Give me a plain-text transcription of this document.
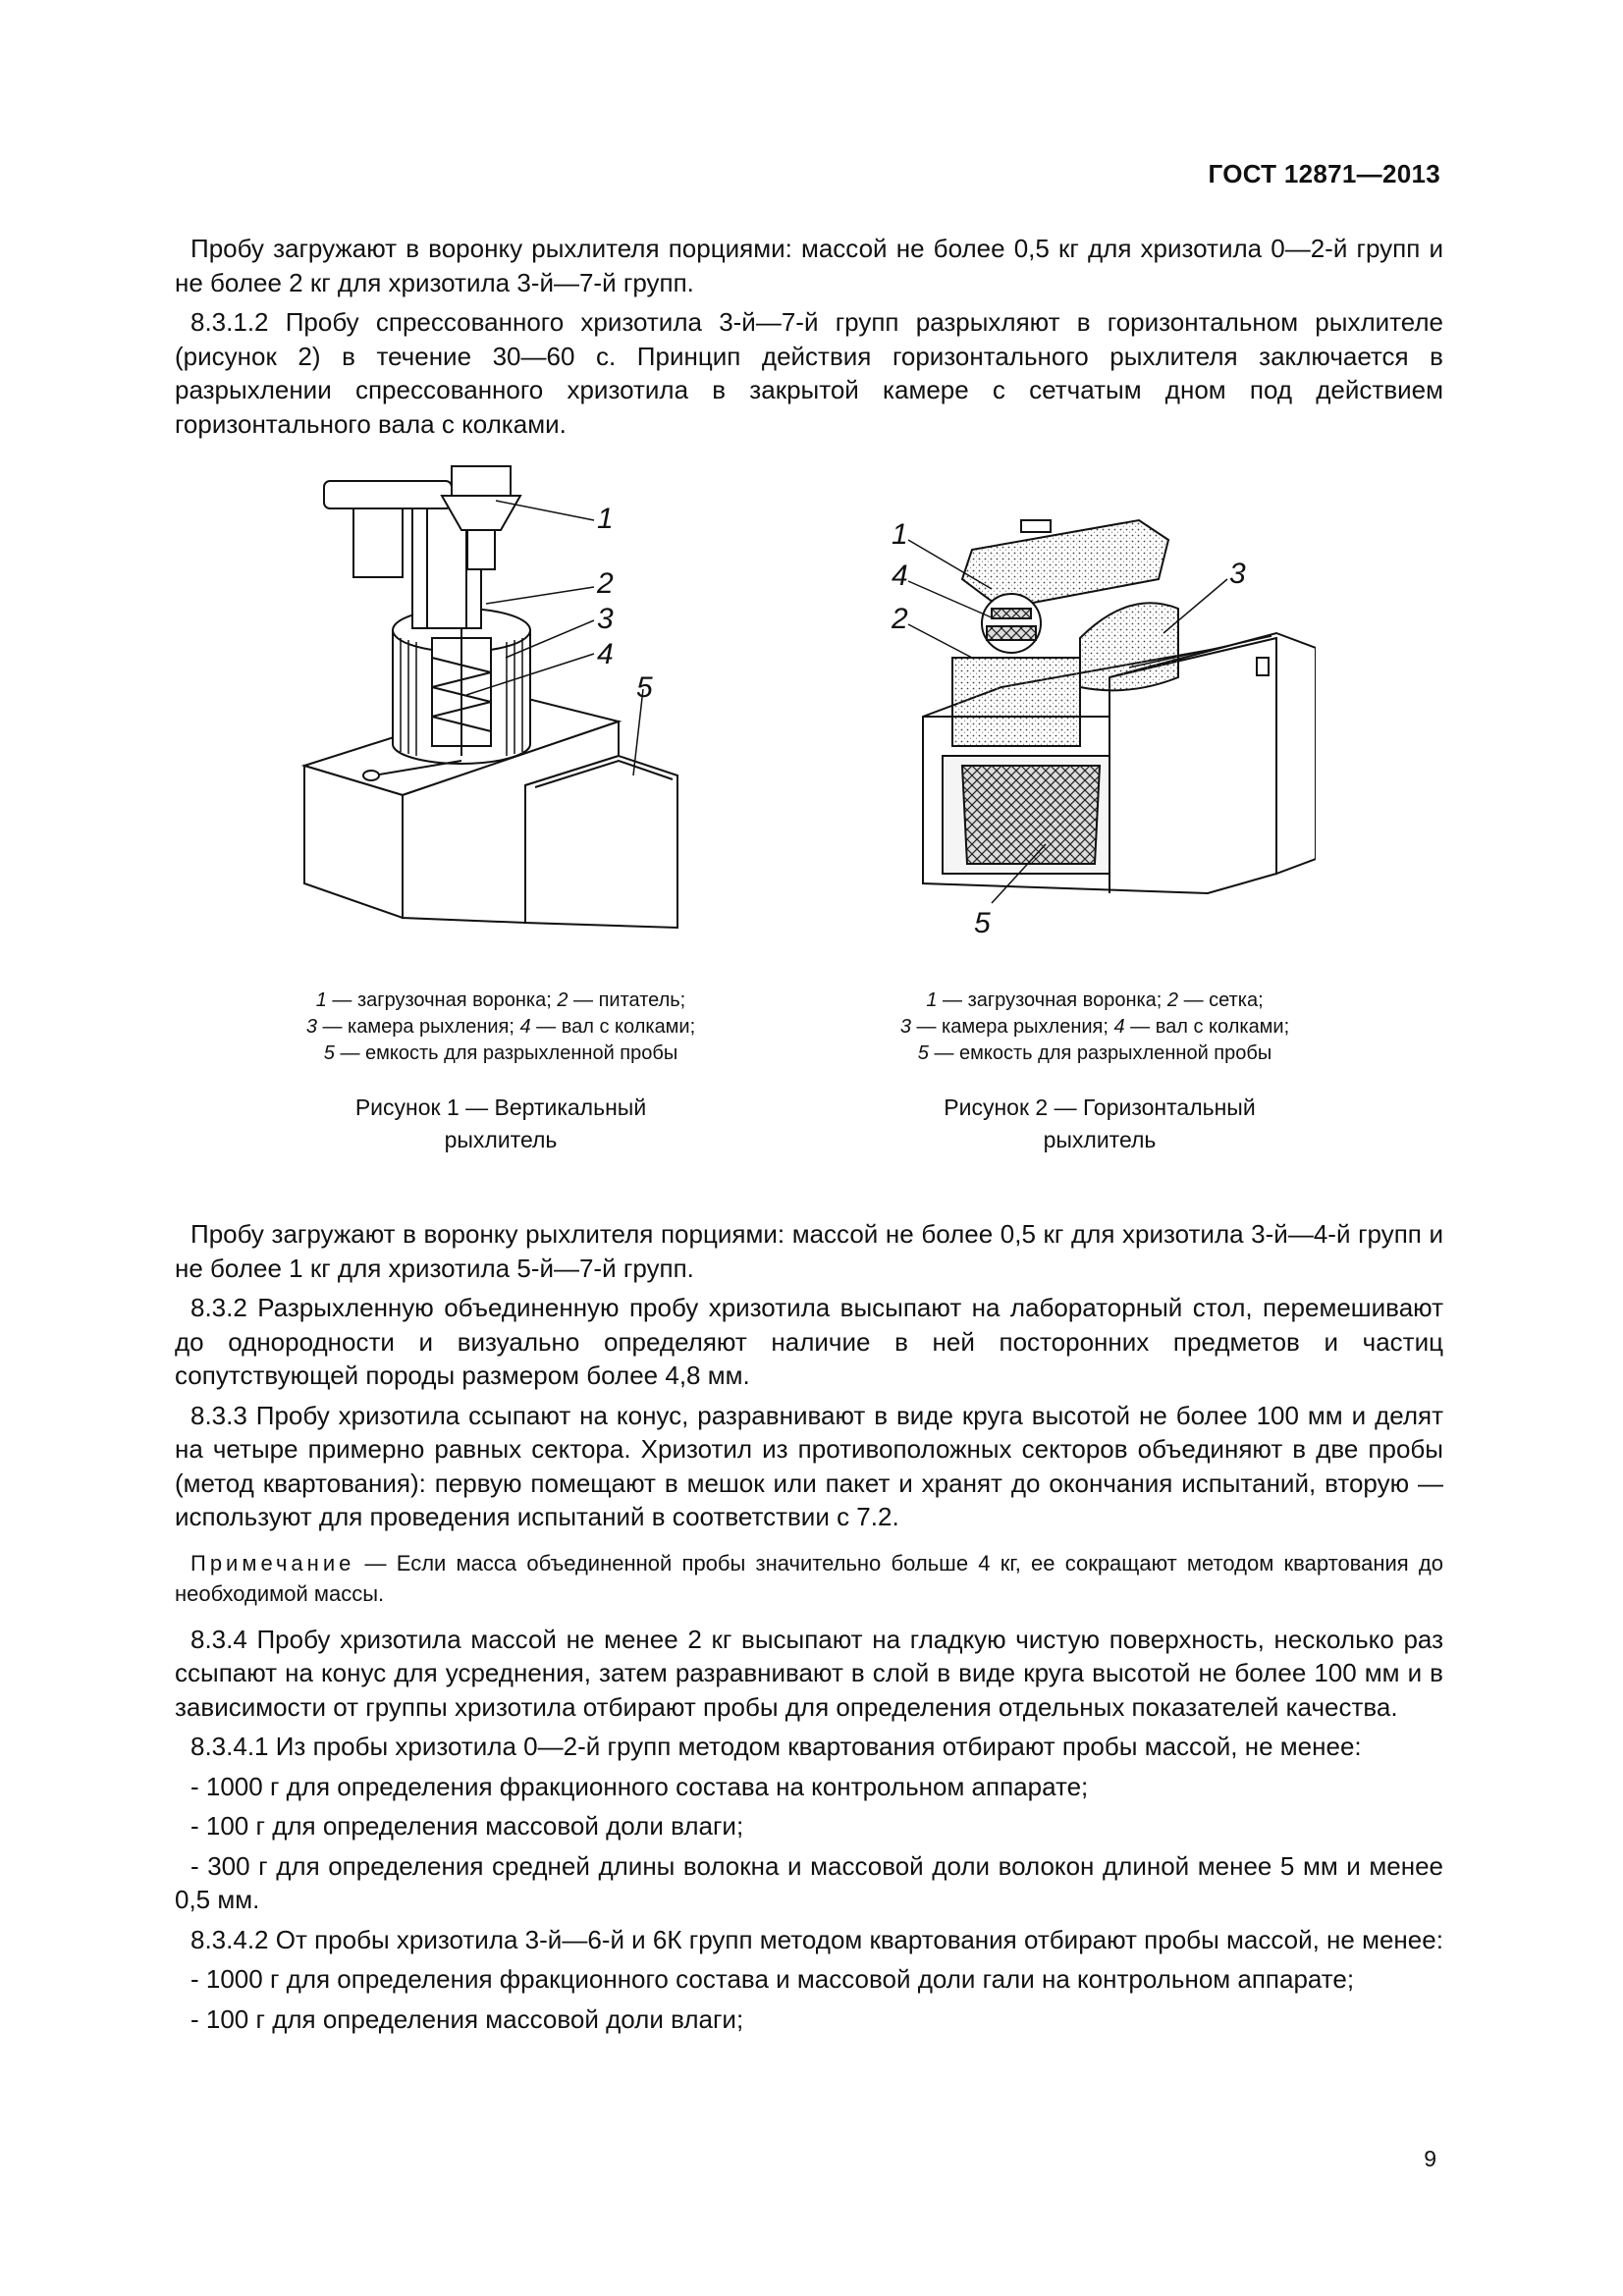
ГОСТ 12871—2013

Пробу загружают в воронку рыхлителя порциями: массой не более 0,5 кг для хризотила 0—2-й групп и не более 2 кг для хризотила 3-й—7-й групп.

8.3.1.2 Пробу спрессованного хризотила 3-й—7-й групп разрыхляют в горизонтальном рыхлителе (рисунок 2) в течение 30—60 с. Принцип действия горизонтального рыхлителя заключается в разрыхлении спрессованного хризотила в закрытой камере с сетчатым дном под действием горизонтального вала с колками.

1
2
3
4
5
1
4
2
3
5
1 — загрузочная воронка; 2 — питатель;
3 — камера рыхления; 4 — вал с колками;
5 — емкость для разрыхленной пробы
1 — загрузочная воронка; 2 — сетка;
3 — камера рыхления; 4 — вал с колками;
5 — емкость для разрыхленной пробы
Рисунок 1 — Вертикальный
рыхлитель
Рисунок 2 — Горизонтальный
рыхлитель

Пробу загружают в воронку рыхлителя порциями: массой не более 0,5 кг для хризотила 3-й—4-й групп и не более 1 кг для хризотила 5-й—7-й групп.

8.3.2 Разрыхленную объединенную пробу хризотила высыпают на лабораторный стол, перемешивают до однородности и визуально определяют наличие в ней посторонних предметов и частиц сопутствующей породы размером более 4,8 мм.

8.3.3 Пробу хризотила ссыпают на конус, разравнивают в виде круга высотой не более 100 мм и делят на четыре примерно равных сектора. Хризотил из противоположных секторов объединяют в две пробы (метод квартования): первую помещают в мешок или пакет и хранят до окончания испытаний, вторую — используют для проведения испытаний в соответствии с 7.2.

Примечание — Если масса объединенной пробы значительно больше 4 кг, ее сокращают методом квартования до необходимой массы.

8.3.4 Пробу хризотила массой не менее 2 кг высыпают на гладкую чистую поверхность, несколько раз ссыпают на конус для усреднения, затем разравнивают в слой в виде круга высотой не более 100 мм и в зависимости от группы хризотила отбирают пробы для определения отдельных показателей качества.

8.3.4.1 Из пробы хризотила 0—2-й групп методом квартования отбирают пробы массой, не менее:

- 1000 г для определения фракционного состава на контрольном аппарате;

- 100 г для определения массовой доли влаги;

- 300 г для определения средней длины волокна и массовой доли волокон длиной менее 5 мм и менее 0,5 мм.

8.3.4.2 От пробы хризотила 3-й—6-й и 6К групп методом квартования отбирают пробы массой, не менее:

- 1000 г для определения фракционного состава и массовой доли гали на контрольном аппарате;

- 100 г для определения массовой доли влаги;

9
